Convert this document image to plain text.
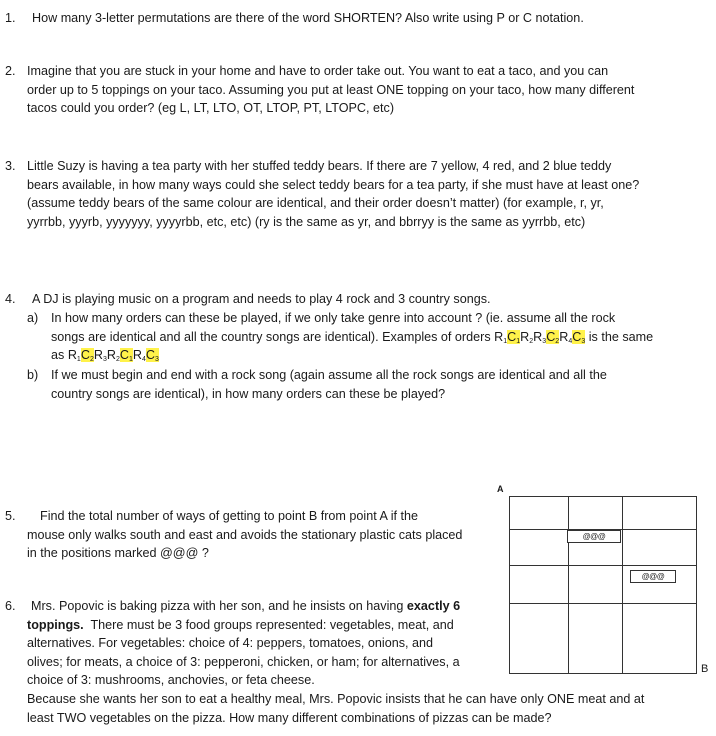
1. How many 3-letter permutations are there of the word SHORTEN? Also write using P or C notation.
2. Imagine that you are stuck in your home and have to order take out. You want to eat a taco, and you can
order up to 5 toppings on your taco. Assuming you put at least ONE topping on your taco, how many different
tacos could you order? (eg L, LT, LTO, OT, LTOP, PT, LTOPC, etc)
3. Little Suzy is having a tea party with her stuffed teddy bears. If there are 7 yellow, 4 red, and 2 blue teddy
bears available, in how many ways could she select teddy bears for a tea party, if she must have at least one?
(assume teddy bears of the same colour are identical, and their order doesn’t matter) (for example, r, yr,
yyrrbb, yyyrb, yyyyyyy, yyyyrbb, etc, etc) (ry is the same as yr, and bbrryy is the same as yyrrbb, etc)
4. A DJ is playing music on a program and needs to play 4 rock and 3 country songs.
a) In how many orders can these be played, if we only take genre into account ? (ie. assume all the rock
songs are identical and all the country songs are identical). Examples of orders $R_1C_1R_2R_3C_2R_4C_3$ is the same
as $R_1C_2R_3R_2C_1R_4C_3$
b) If we must begin and end with a rock song (again assume all the rock songs are identical and all the
country songs are identical), in how many orders can these be played?
5.	Find the total number of ways of getting to point B from point A if the
mouse only walks south and east and avoids the stationary plastic cats placed
in the positions marked @@@ ?
A
@@@
@@@
B
6.	Mrs. Popovic is baking pizza with her son, and he insists on having exactly 6
toppings. There must be 3 food groups represented: vegetables, meat, and
alternatives. For vegetables: choice of 4: peppers, tomatoes, onions, and
olives; for meats, a choice of 3: pepperoni, chicken, or ham; for alternatives, a
choice of 3: mushrooms, anchovies, or feta cheese.
Because she wants her son to eat a healthy meal, Mrs. Popovic insists that he can have only ONE meat and at
least TWO vegetables on the pizza. How many different combinations of pizzas can be made?
